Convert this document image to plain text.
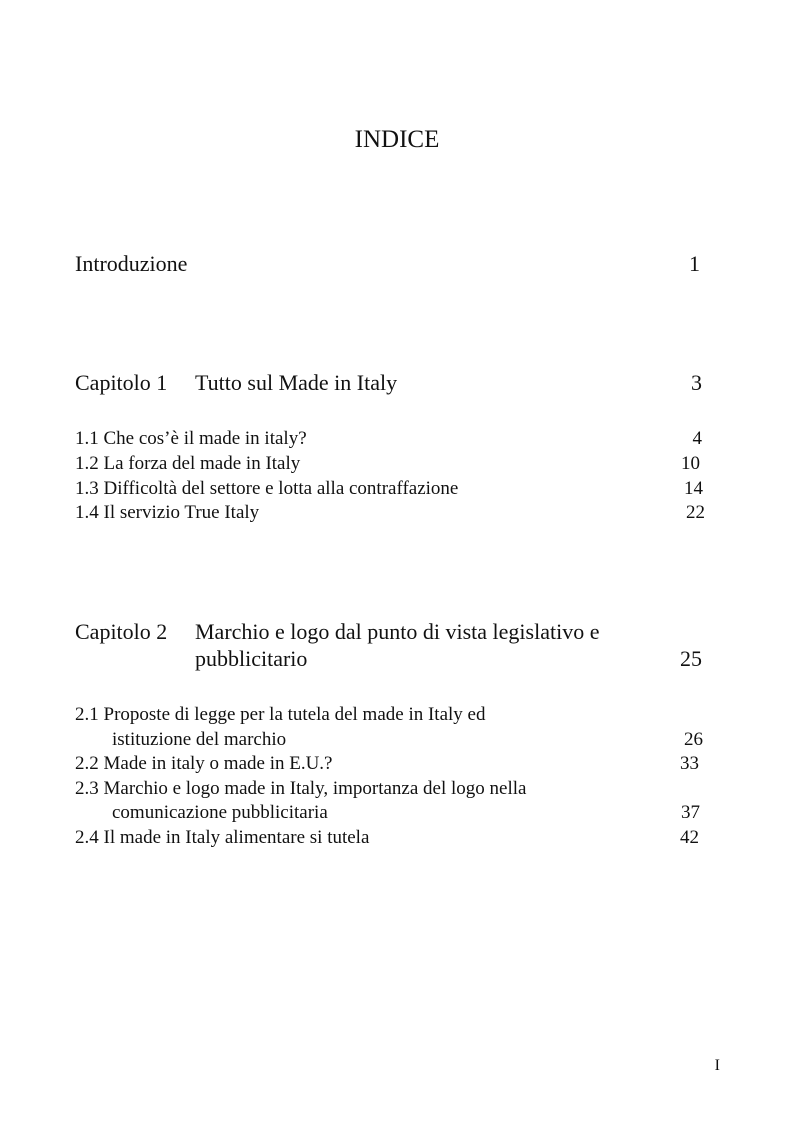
INDICE
Introduzione	1
Capitolo 1 Tutto sul Made in Italy	3
1.1 Che cos’è il made in italy?	4
1.2 La forza del made in Italy	10
1.3 Difficoltà del settore e lotta alla contraffazione	14
1.4 Il servizio True Italy	22
Capitolo 2 Marchio e logo dal punto di vista legislativo e
pubblicitario	25
2.1 Proposte di legge per la tutela del made in Italy ed
istituzione del marchio	26
2.2 Made in italy o made in E.U.?	33
2.3 Marchio e logo made in Italy, importanza del logo nella
comunicazione pubblicitaria	37
2.4 Il made in Italy alimentare si tutela	42
I
